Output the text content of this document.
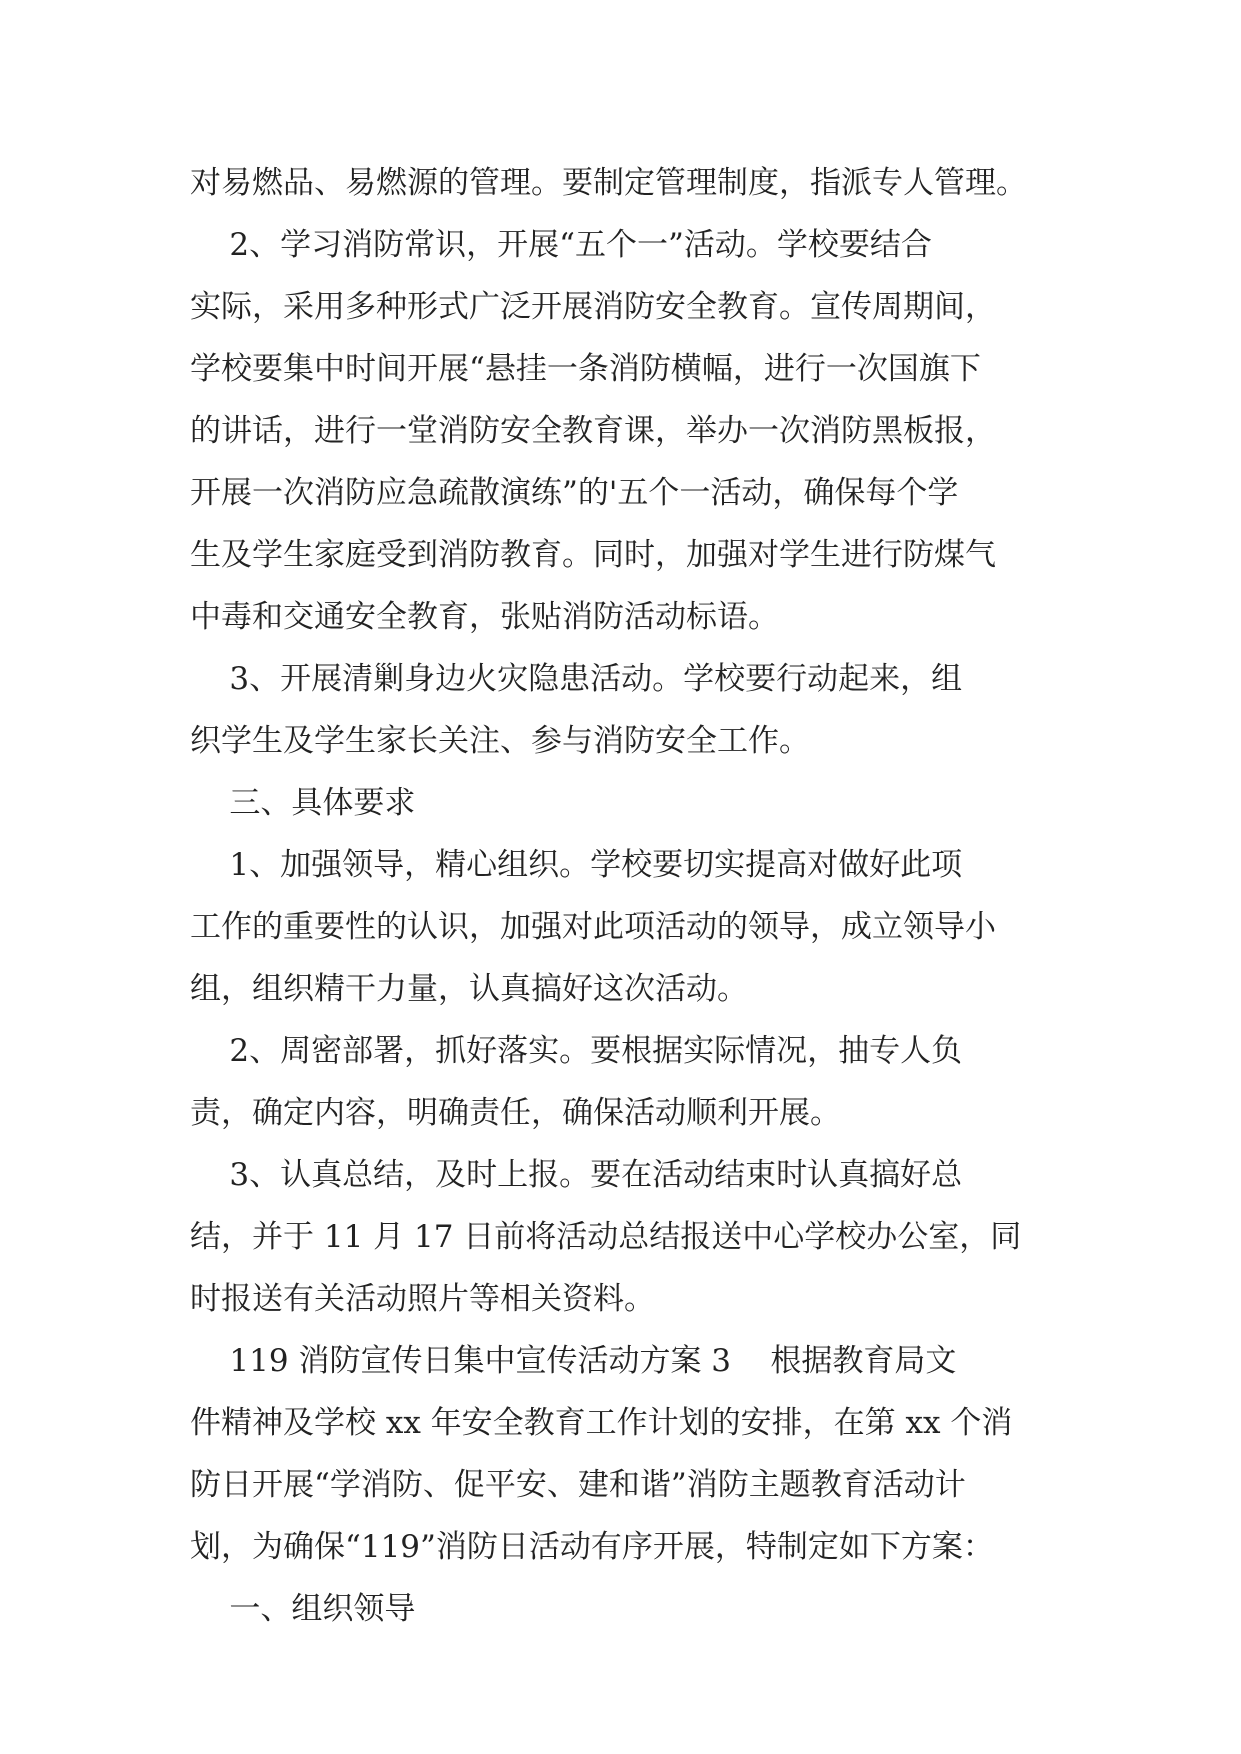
对易燃品、易燃源的管理。要制定管理制度，指派专人管理。
2、学习消防常识，开展“五个一”活动。学校要结合
实际，采用多种形式广泛开展消防安全教育。宣传周期间，
学校要集中时间开展“悬挂一条消防横幅，进行一次国旗下
的讲话，进行一堂消防安全教育课，举办一次消防黑板报，
开展一次消防应急疏散演练”的'五个一活动，确保每个学
生及学生家庭受到消防教育。同时，加强对学生进行防煤气
中毒和交通安全教育，张贴消防活动标语。
3、开展清剿身边火灾隐患活动。学校要行动起来，组
织学生及学生家长关注、参与消防安全工作。
三、具体要求
1、加强领导，精心组织。学校要切实提高对做好此项
工作的重要性的认识，加强对此项活动的领导，成立领导小
组，组织精干力量，认真搞好这次活动。
2、周密部署，抓好落实。要根据实际情况，抽专人负
责，确定内容，明确责任，确保活动顺利开展。
3、认真总结，及时上报。要在活动结束时认真搞好总
结，并于 11 月 17 日前将活动总结报送中心学校办公室，同
时报送有关活动照片等相关资料。
119 消防宣传日集中宣传活动方案 3    根据教育局文
件精神及学校 xx 年安全教育工作计划的安排，在第 xx 个消
防日开展“学消防、促平安、建和谐”消防主题教育活动计
划，为确保“119”消防日活动有序开展，特制定如下方案：
一、组织领导
